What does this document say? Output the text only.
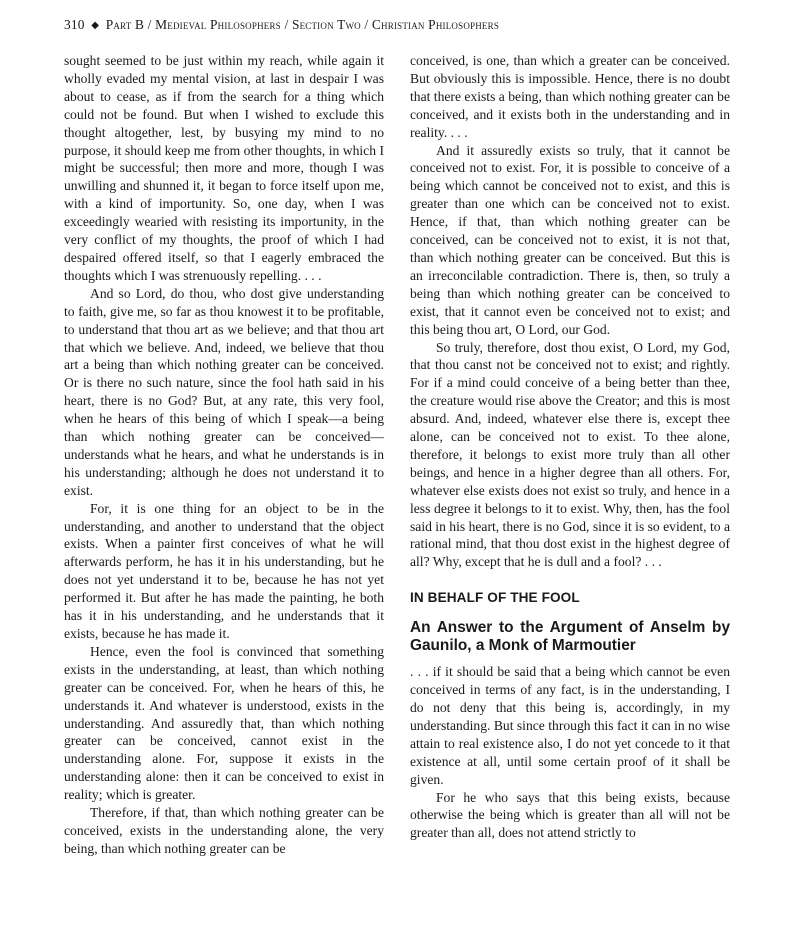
310 ◆ Part B / Medieval Philosophers / Section Two / Christian Philosophers

sought seemed to be just within my reach, while again it wholly evaded my mental vision, at last in despair I was about to cease, as if from the search for a thing which could not be found. But when I wished to exclude this thought altogether, lest, by busying my mind to no purpose, it should keep me from other thoughts, in which I might be successful; then more and more, though I was unwilling and shunned it, it began to force itself upon me, with a kind of importunity. So, one day, when I was exceedingly wearied with resisting its importunity, in the very conflict of my thoughts, the proof of which I had despaired offered itself, so that I eagerly embraced the thoughts which I was strenuously repelling. . . .

And so Lord, do thou, who dost give understanding to faith, give me, so far as thou knowest it to be profitable, to understand that thou art as we believe; and that thou art that which we believe. And, indeed, we believe that thou art a being than which nothing greater can be conceived. Or is there no such nature, since the fool hath said in his heart, there is no God? But, at any rate, this very fool, when he hears of this being of which I speak—a being than which nothing greater can be conceived—understands what he hears, and what he understands is in his understanding; although he does not understand it to exist.

For, it is one thing for an object to be in the understanding, and another to understand that the object exists. When a painter first conceives of what he will afterwards perform, he has it in his understanding, but he does not yet understand it to be, because he has not yet performed it. But after he has made the painting, he both has it in his understanding, and he understands that it exists, because he has made it.

Hence, even the fool is convinced that something exists in the understanding, at least, than which nothing greater can be conceived. For, when he hears of this, he understands it. And whatever is understood, exists in the understanding. And assuredly that, than which nothing greater can be conceived, cannot exist in the understanding alone. For, suppose it exists in the understanding alone: then it can be conceived to exist in reality; which is greater.

Therefore, if that, than which nothing greater can be conceived, exists in the understanding alone, the very being, than which nothing greater can be

conceived, is one, than which a greater can be conceived. But obviously this is impossible. Hence, there is no doubt that there exists a being, than which nothing greater can be conceived, and it exists both in the understanding and in reality. . . .

And it assuredly exists so truly, that it cannot be conceived not to exist. For, it is possible to conceive of a being which cannot be conceived not to exist, and this is greater than one which can be conceived not to exist. Hence, if that, than which nothing greater can be conceived, can be conceived not to exist, it is not that, than which nothing greater can be conceived. But this is an irreconcilable contradiction. There is, then, so truly a being than which nothing greater can be conceived to exist, that it cannot even be conceived not to exist; and this being thou art, O Lord, our God.

So truly, therefore, dost thou exist, O Lord, my God, that thou canst not be conceived not to exist; and rightly. For if a mind could conceive of a being better than thee, the creature would rise above the Creator; and this is most absurd. And, indeed, whatever else there is, except thee alone, can be conceived not to exist. To thee alone, therefore, it belongs to exist more truly than all other beings, and hence in a higher degree than all others. For, whatever else exists does not exist so truly, and hence in a less degree it belongs to it to exist. Why, then, has the fool said in his heart, there is no God, since it is so evident, to a rational mind, that thou dost exist in the highest degree of all? Why, except that he is dull and a fool? . . .

IN BEHALF OF THE FOOL
An Answer to the Argument of Anselm by Gaunilo, a Monk of Marmoutier

. . . if it should be said that a being which cannot be even conceived in terms of any fact, is in the understanding, I do not deny that this being is, accordingly, in my understanding. But since through this fact it can in no wise attain to real existence also, I do not yet concede to it that existence at all, until some certain proof of it shall be given.

For he who says that this being exists, because otherwise the being which is greater than all will not be greater than all, does not attend strictly to
